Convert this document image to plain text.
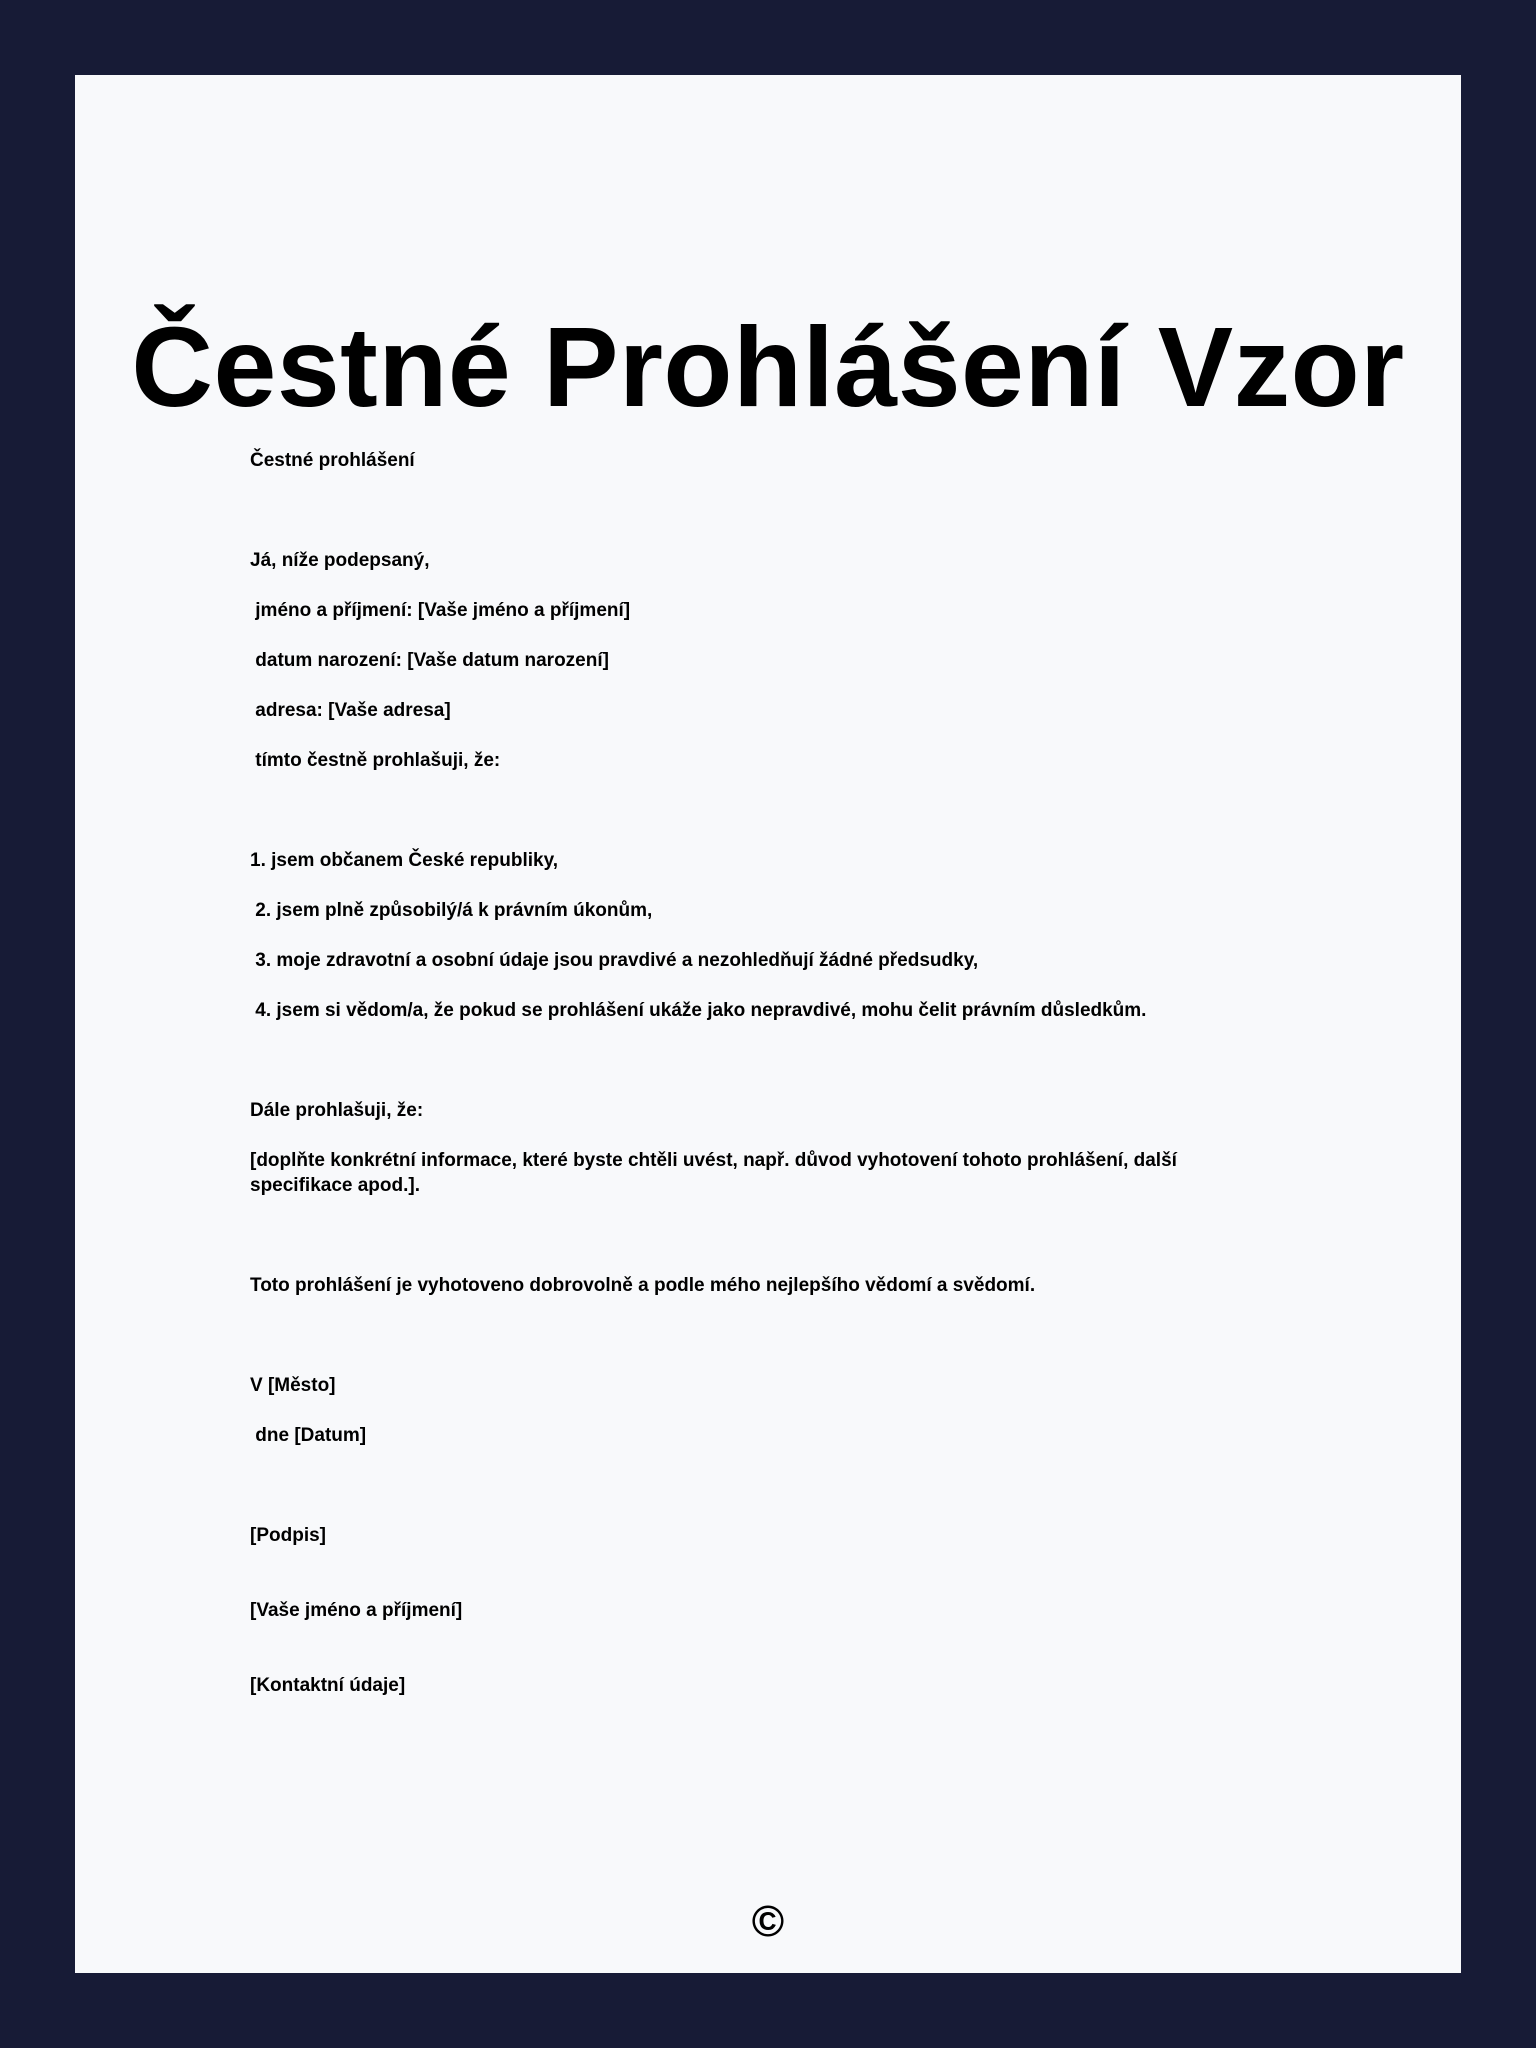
Čestné Prohlášení Vzor

Čestné prohlášení

Já, níže podepsaný,

jméno a příjmení: [Vaše jméno a příjmení]

datum narození: [Vaše datum narození]

adresa: [Vaše adresa]

tímto čestně prohlašuji, že:

1. jsem občanem České republiky,

2. jsem plně způsobilý/á k právním úkonům,

3. moje zdravotní a osobní údaje jsou pravdivé a nezohledňují žádné předsudky,

4. jsem si vědom/a, že pokud se prohlášení ukáže jako nepravdivé, mohu čelit právním důsledkům.

Dále prohlašuji, že:

[doplňte konkrétní informace, které byste chtěli uvést, např. důvod vyhotovení tohoto prohlášení, další specifikace apod.].

Toto prohlášení je vyhotoveno dobrovolně a podle mého nejlepšího vědomí a svědomí.

V [Město]

dne [Datum]

[Podpis]

[Vaše jméno a příjmení]

[Kontaktní údaje]

©
